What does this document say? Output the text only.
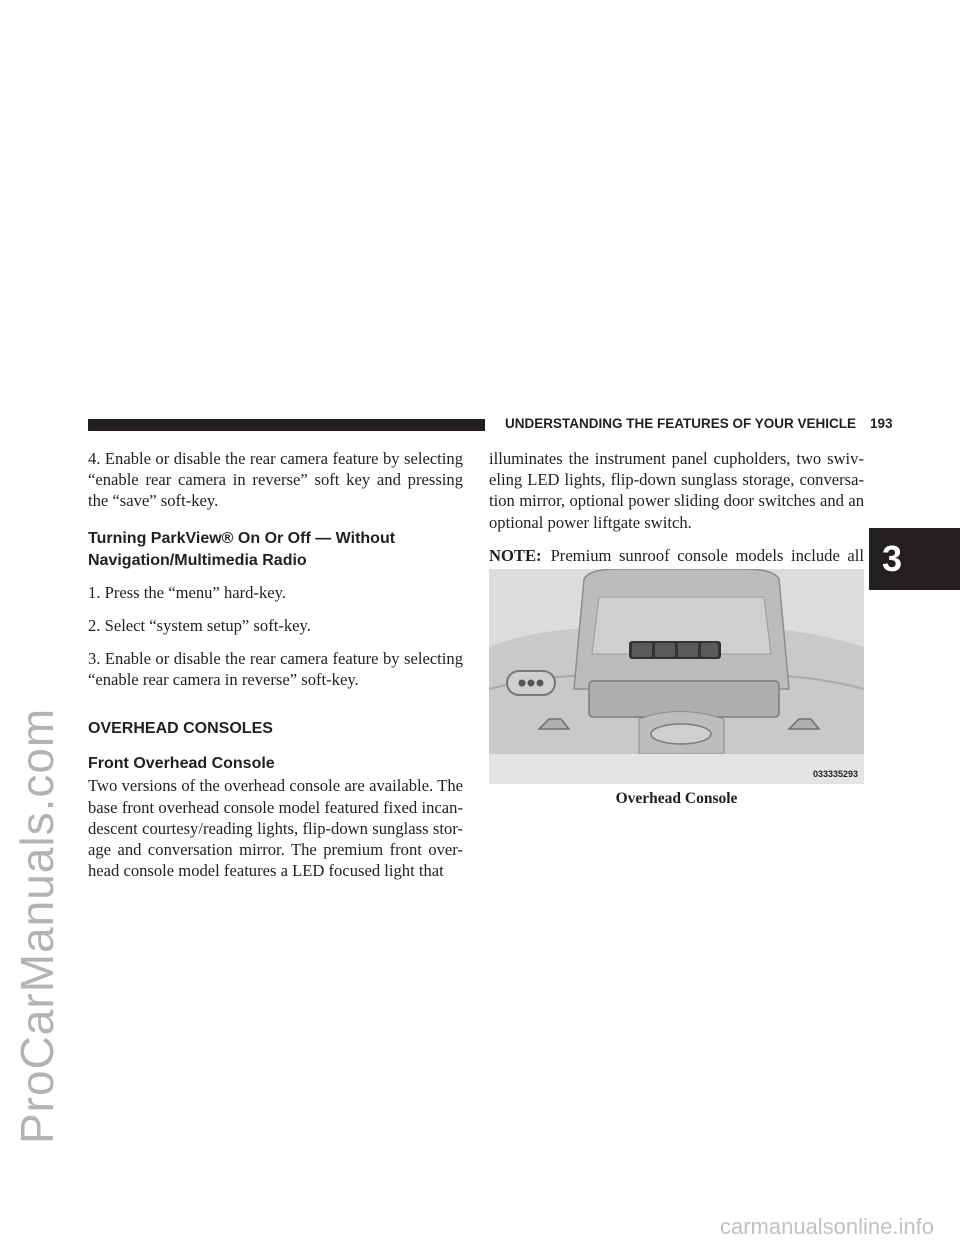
ProCarManuals.com
UNDERSTANDING THE FEATURES OF YOUR VEHICLE 193
3

4. Enable or disable the rear camera feature by selecting “enable rear camera in reverse” soft key and pressing the “save” soft-key.

Turning ParkView® On Or Off — Without Navigation/Multimedia Radio

1. Press the “menu” hard-key.

2. Select “system setup” soft-key.

3. Enable or disable the rear camera feature by selecting “enable rear camera in reverse” soft-key.

OVERHEAD CONSOLES
Front Overhead Console

Two versions of the overhead console are available. The base front overhead console model featured fixed incan-descent courtesy/reading lights, flip-down sunglass stor-age and conversation mirror. The premium front over-head console model features a LED focused light that

illuminates the instrument panel cupholders, two swiv-eling LED lights, flip-down sunglass storage, conversa-tion mirror, optional power sliding door switches and an optional power liftgate switch.

NOTE: Premium sunroof console models include all

033335293
Overhead Console
carmanualsonline.info
